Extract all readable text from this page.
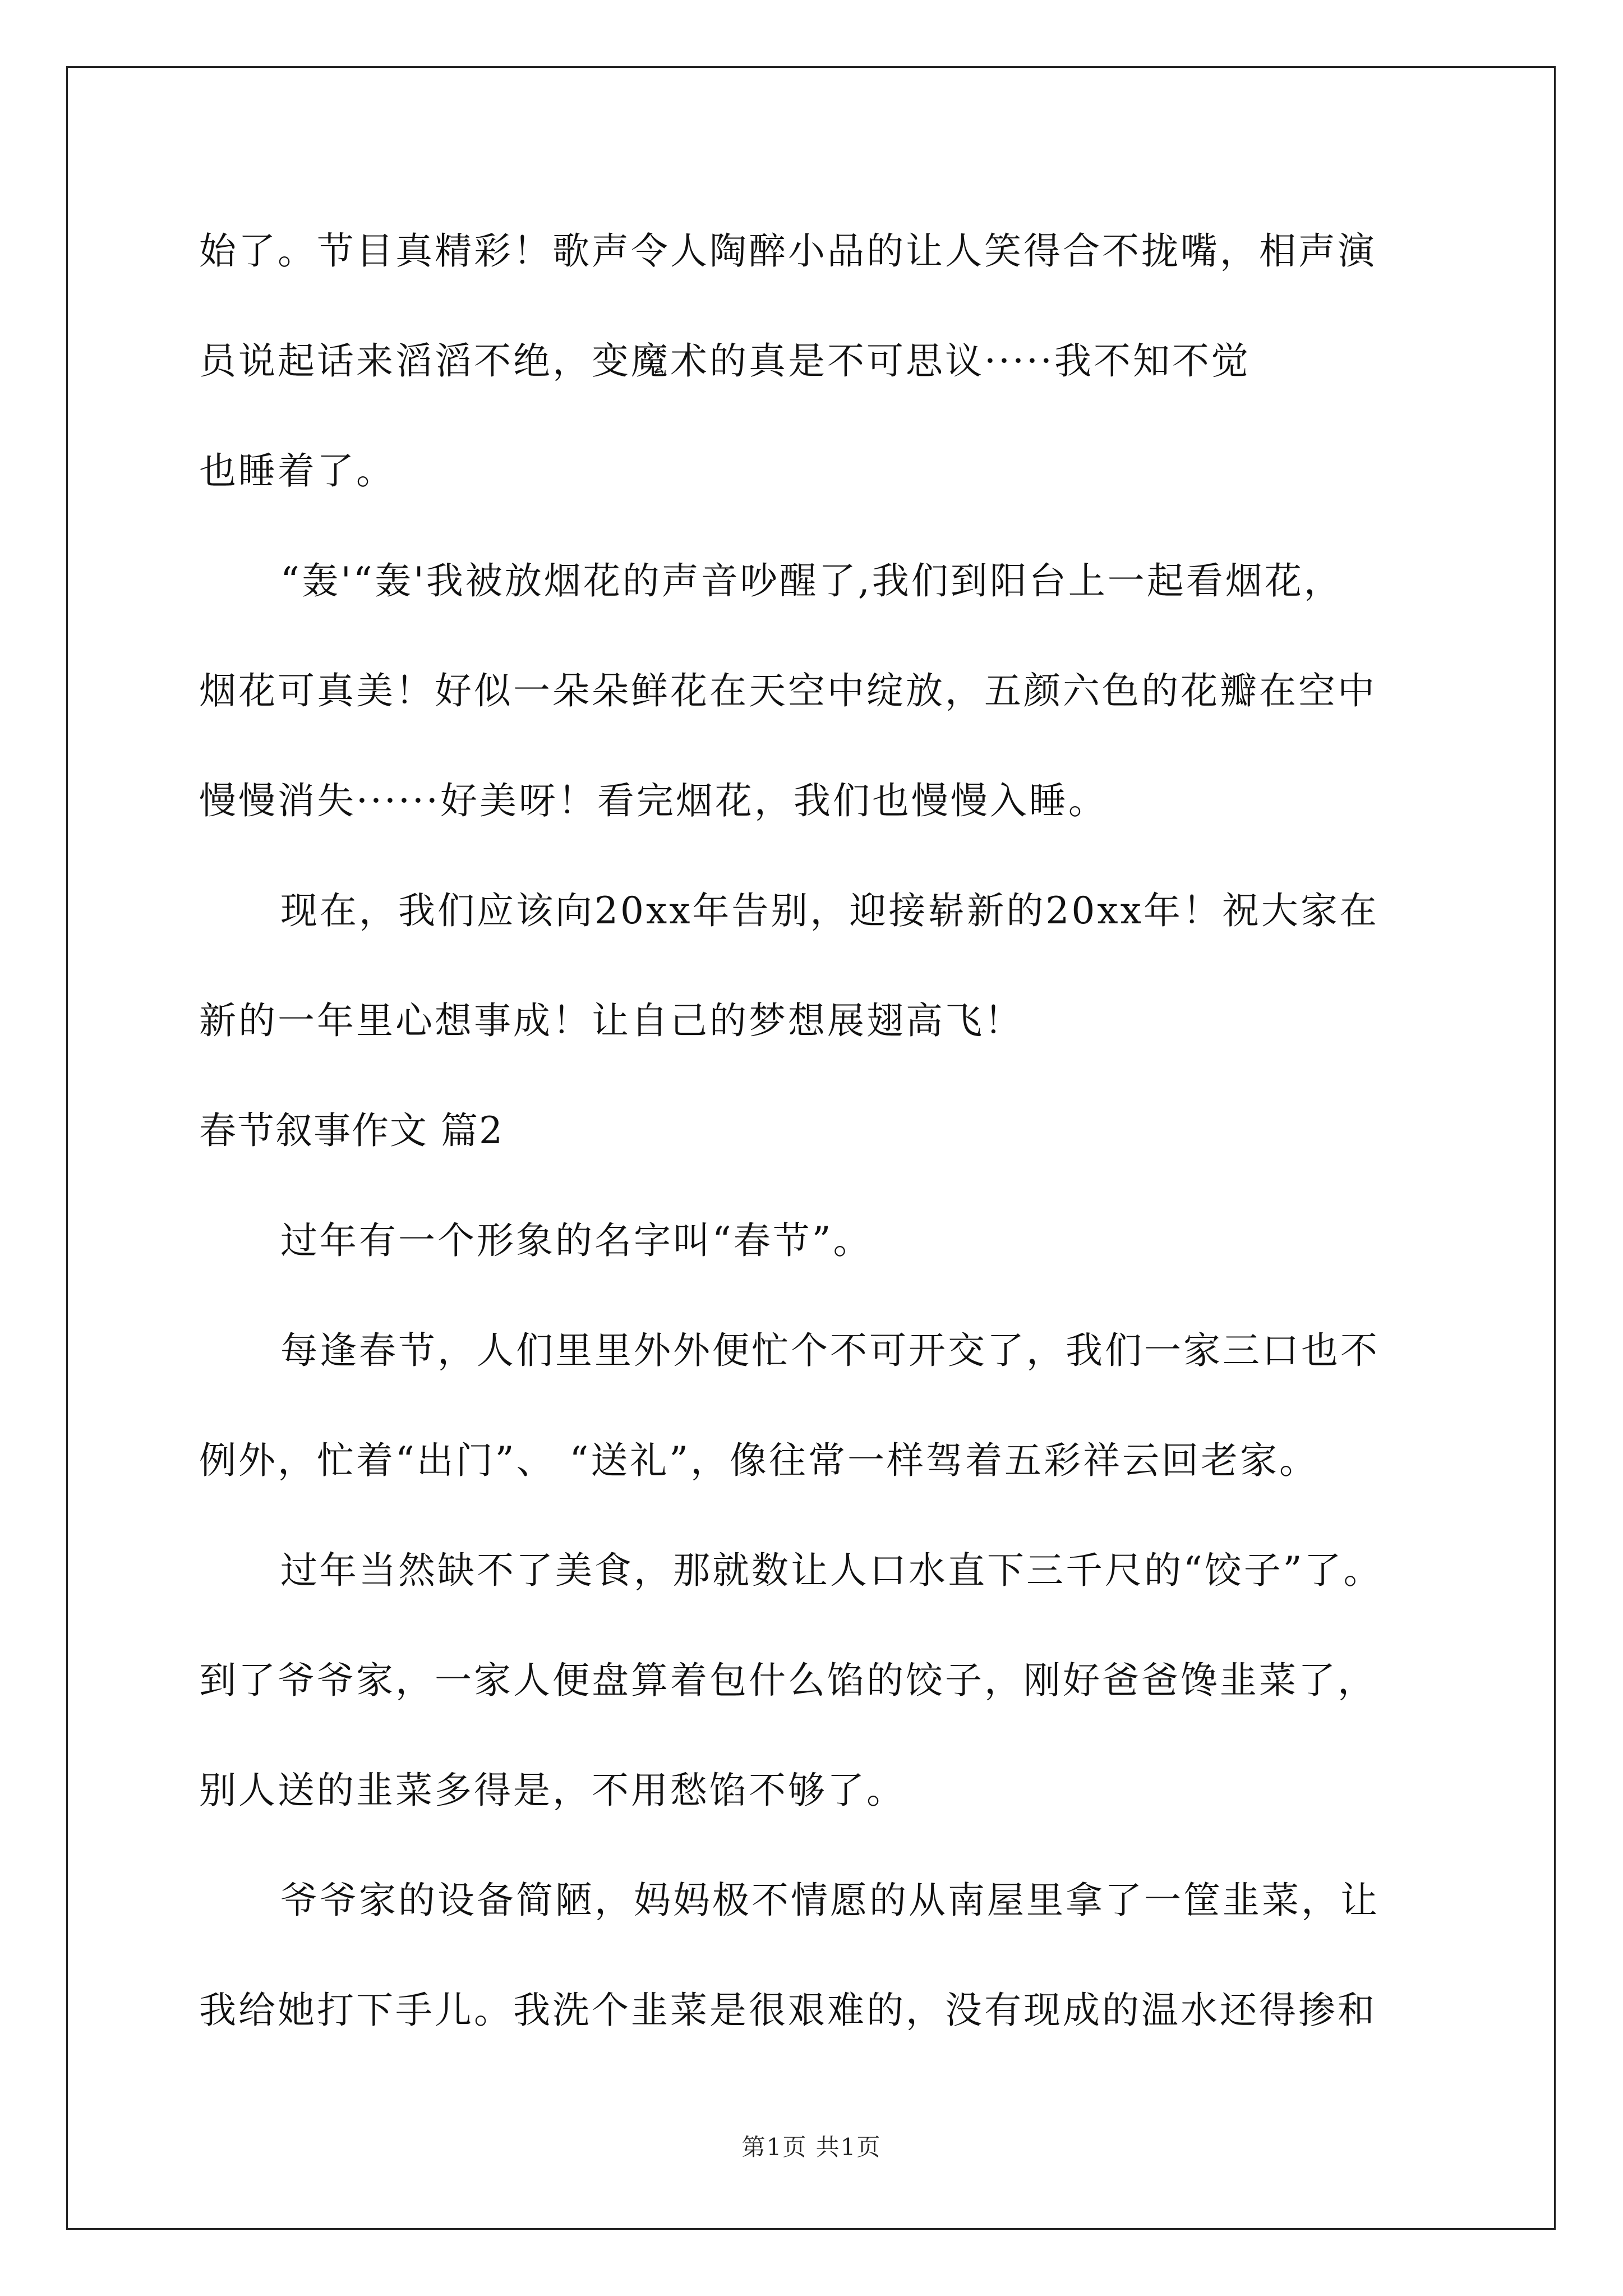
始了。节目真精彩！歌声令人陶醉小品的让人笑得合不拢嘴，相声演
员说起话来滔滔不绝，变魔术的真是不可思议·····我不知不觉
也睡着了。
“轰'“轰'我被放烟花的声音吵醒了,我们到阳台上一起看烟花，
烟花可真美！好似一朵朵鲜花在天空中绽放，五颜六色的花瓣在空中
慢慢消失······好美呀！看完烟花，我们也慢慢入睡。
现在，我们应该向20xx年告别，迎接崭新的20xx年！祝大家在
新的一年里心想事成！让自己的梦想展翅高飞！
春节叙事作文 篇2
过年有一个形象的名字叫“春节”。
每逢春节，人们里里外外便忙个不可开交了，我们一家三口也不
例外，忙着“出门”、 “送礼”，像往常一样驾着五彩祥云回老家。
过年当然缺不了美食，那就数让人口水直下三千尺的“饺子”了。
到了爷爷家，一家人便盘算着包什么馅的饺子，刚好爸爸馋韭菜了，
别人送的韭菜多得是，不用愁馅不够了。
爷爷家的设备简陋，妈妈极不情愿的从南屋里拿了一筐韭菜，让
我给她打下手儿。我洗个韭菜是很艰难的，没有现成的温水还得掺和
第1页 共1页
